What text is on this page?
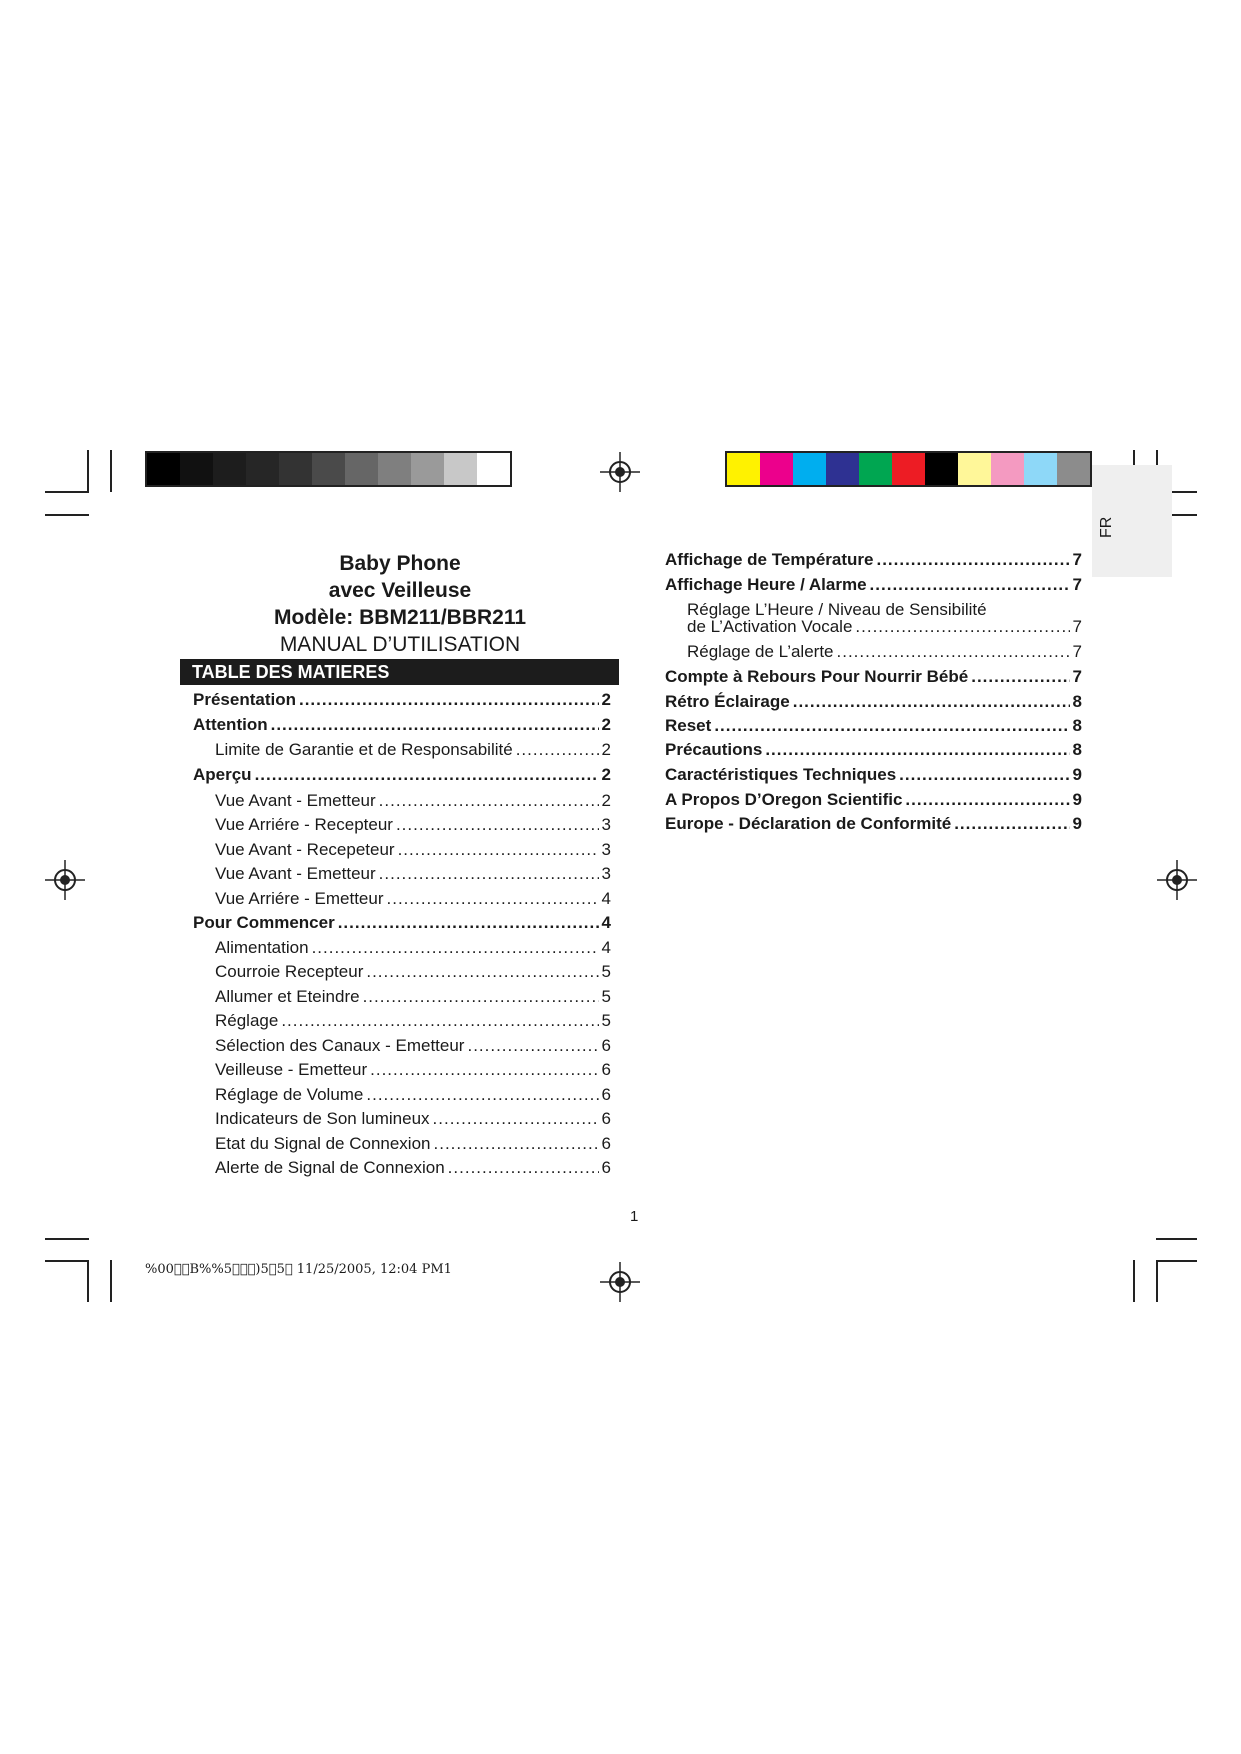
FR
Baby Phone
avec Veilleuse
Modèle: BBM211/BBR211
MANUAL D’UTILISATION
TABLE DES MATIERES
Présentation .....	2
Attention .....	2
Limite de Garantie et de Responsabilité .....	2
Aperçu .....	2
Vue Avant - Emetteur .....	2
Vue Arriére - Recepteur .....	3
Vue Avant - Recepeteur .....	3
Vue Avant - Emetteur .....	3
Vue Arriére - Emetteur .....	4
Pour Commencer .....	4
Alimentation .....	4
Courroie Recepteur .....	5
Allumer et Eteindre .....	5
Réglage .....	5
Sélection des Canaux - Emetteur .....	6
Veilleuse - Emetteur .....	6
Réglage de Volume .....	6
Indicateurs de Son lumineux .....	6
Etat du Signal de Connexion .....	6
Alerte de Signal de Connexion .....	6
Affichage de Température .....	7
Affichage Heure / Alarme .....	7
Réglage L’Heure / Niveau de Sensibilité
de L’Activation Vocale .....	7
Réglage de L’alerte .....	7
Compte à Rebours Pour Nourrir Bébé .....	7
Rétro Éclairage .....	8
Reset .....	8
Précautions .....	8
Caractéristiques Techniques .....	9
A Propos D’Oregon Scientific .....	9
Europe - Déclaration de Conformité .....	9
1
%00  B%%5   )5 5  11/25/2005, 12:04 PM1
